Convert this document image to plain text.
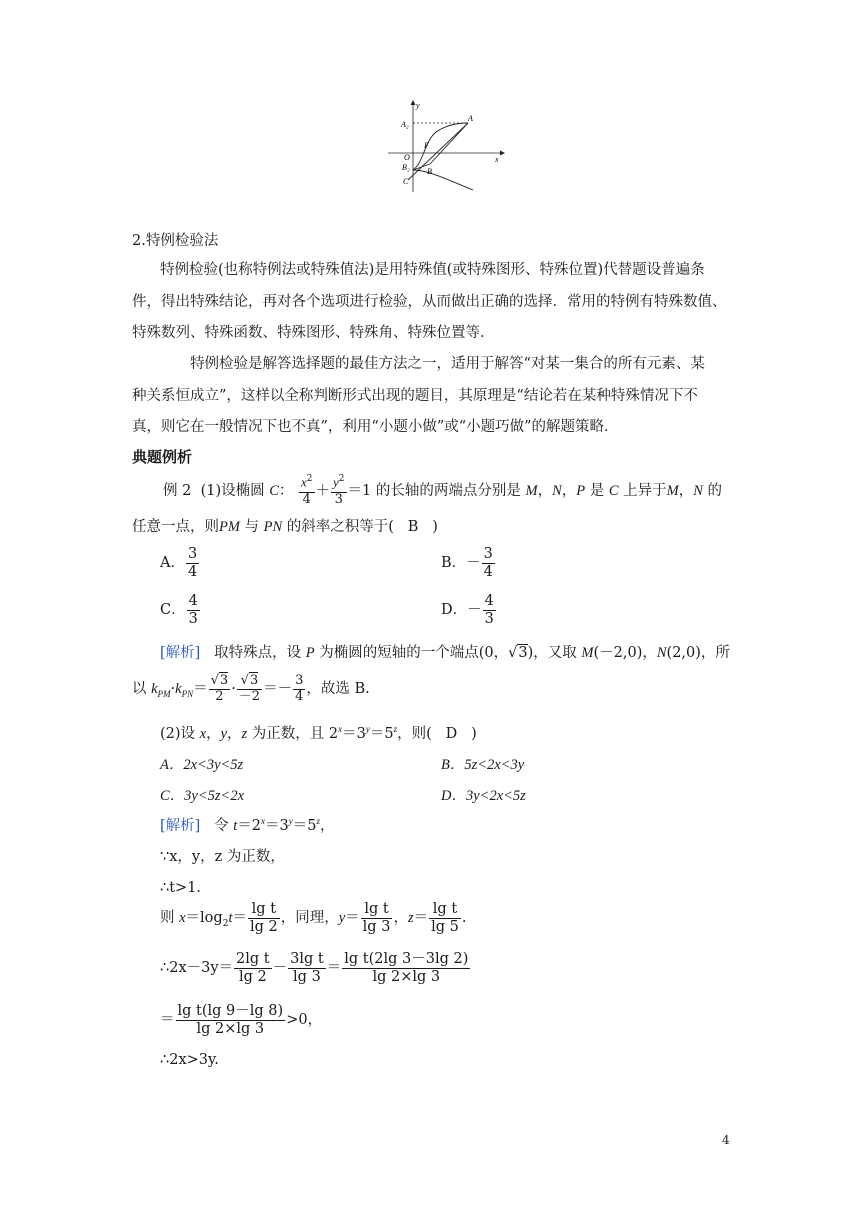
y
x
A₂
A
O
F
B₂ B
C
2.特例检验法
特例检验(也称特例法或特殊值法)是用特殊值(或特殊图形、特殊位置)代替题设普遍条
件，得出特殊结论，再对各个选项进行检验，从而做出正确的选择．常用的特例有特殊数值、
特殊数列、特殊函数、特殊图形、特殊角、特殊位置等．
特例检验是解答选择题的最佳方法之一，适用于解答“对某一集合的所有元素、某
种关系恒成立”，这样以全称判断形式出现的题目，其原理是“结论若在某种特殊情况下不
真，则它在一般情况下也不真”，利用“小题小做”或“小题巧做”的解题策略．
典题例析
例 2 (1)设椭圆 C： $\frac{x^2}{4} + \frac{y^2}{3} =1$ 的长轴的两端点分别是 M，N，P 是 C 上异于M，N 的
任意一点，则PM 与 PN 的斜率之积等于( B )
A． $\frac{3}{4}$	B．－ $\frac{3}{4}$
C． $\frac{4}{3}$	D．－ $\frac{4}{3}$
[解析] 取特殊点，设 P 为椭圆的短轴的一个端点(0，√3)，又取 M(－2,0)，N(2,0)，所
以 $k_{PM}\cdot k_{PN}= \frac{√3}{2} \cdot \frac{√3}{-2} =- \frac{3}{4}$ ，故选 B.
(2)设 x，y，z 为正数，且 $2^x=3^y=5^z$，则( D )
A．2x<3y<5z	B．5z<2x<3y
C．3y<5z<2x	D．3y<2x<5z
[解析] 令 $t=2^x=3^y=5^z$，
∵x，y，z 为正数，
∴t>1．
则 $x=\log_2t= \frac{\text{lg t}}{\lg 2}$ ，同理，$y= \frac{\text{lg t}}{\lg 3}$ ，$z= \frac{\text{lg t}}{\lg 5}$ .
∴2x－3y＝ $\frac{\text{2lg t}}{\lg 2} - \frac{\text{3lg t}}{\lg 3} = \frac{\text{lg t(2lg 3－3lg 2)}}{\lg 2\times\lg 3}$
＝ $\frac{\text{lg t(lg 9－lg 8)}}{\lg 2\times\lg 3} >0$，
∴2x>3y.
4
